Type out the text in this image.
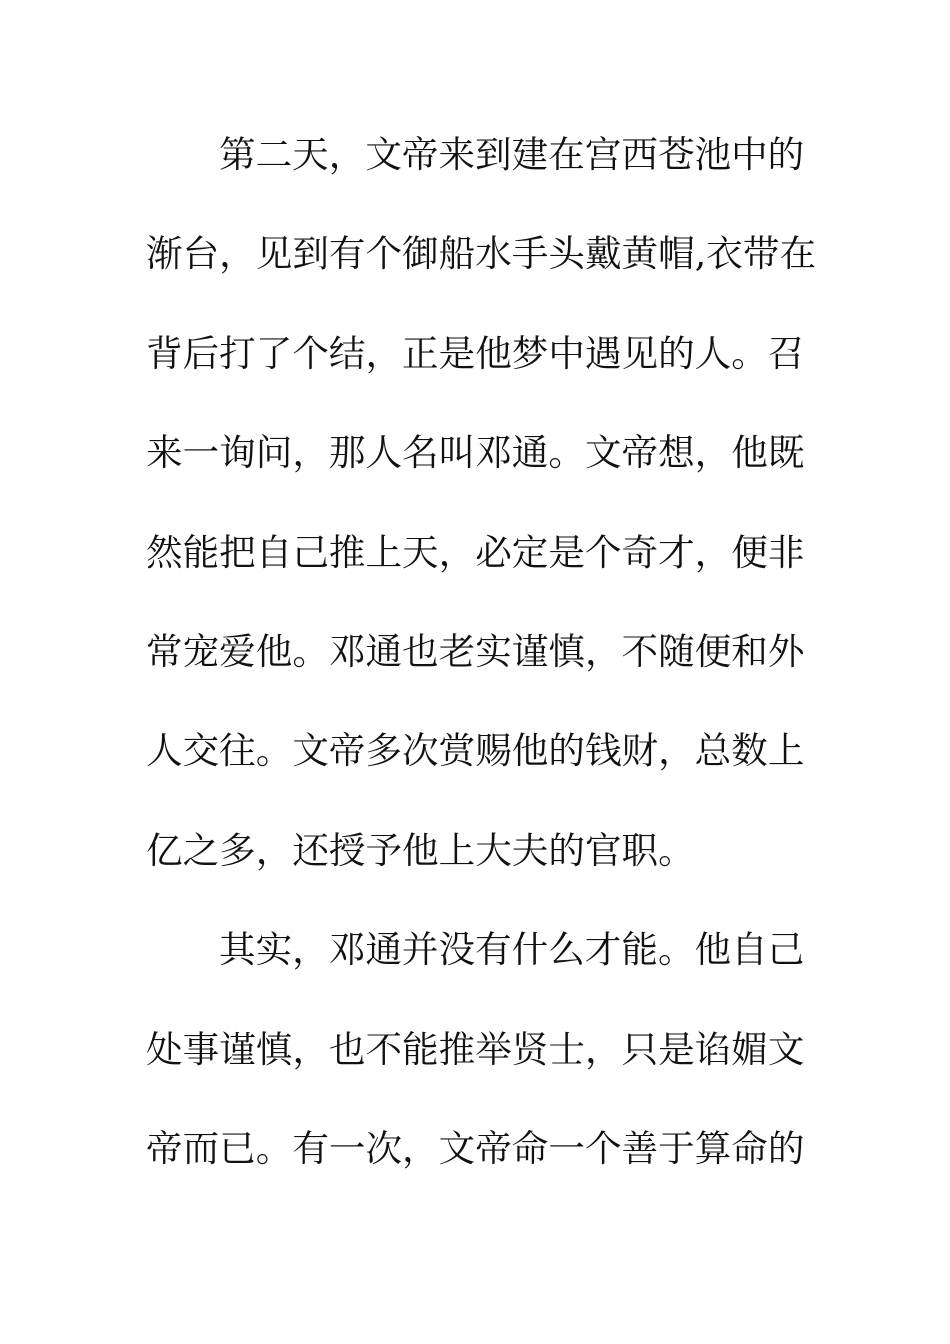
第二天，文帝来到建在宫西苍池中的
渐台，见到有个御船水手头戴黄帽,衣带在
背后打了个结，正是他梦中遇见的人。召
来一询问，那人名叫邓通。文帝想，他既
然能把自己推上天，必定是个奇才，便非
常宠爱他。邓通也老实谨慎，不随便和外
人交往。文帝多次赏赐他的钱财，总数上
亿之多，还授予他上大夫的官职。
其实，邓通并没有什么才能。他自己
处事谨慎，也不能推举贤士，只是谄媚文
帝而已。有一次，文帝命一个善于算命的
